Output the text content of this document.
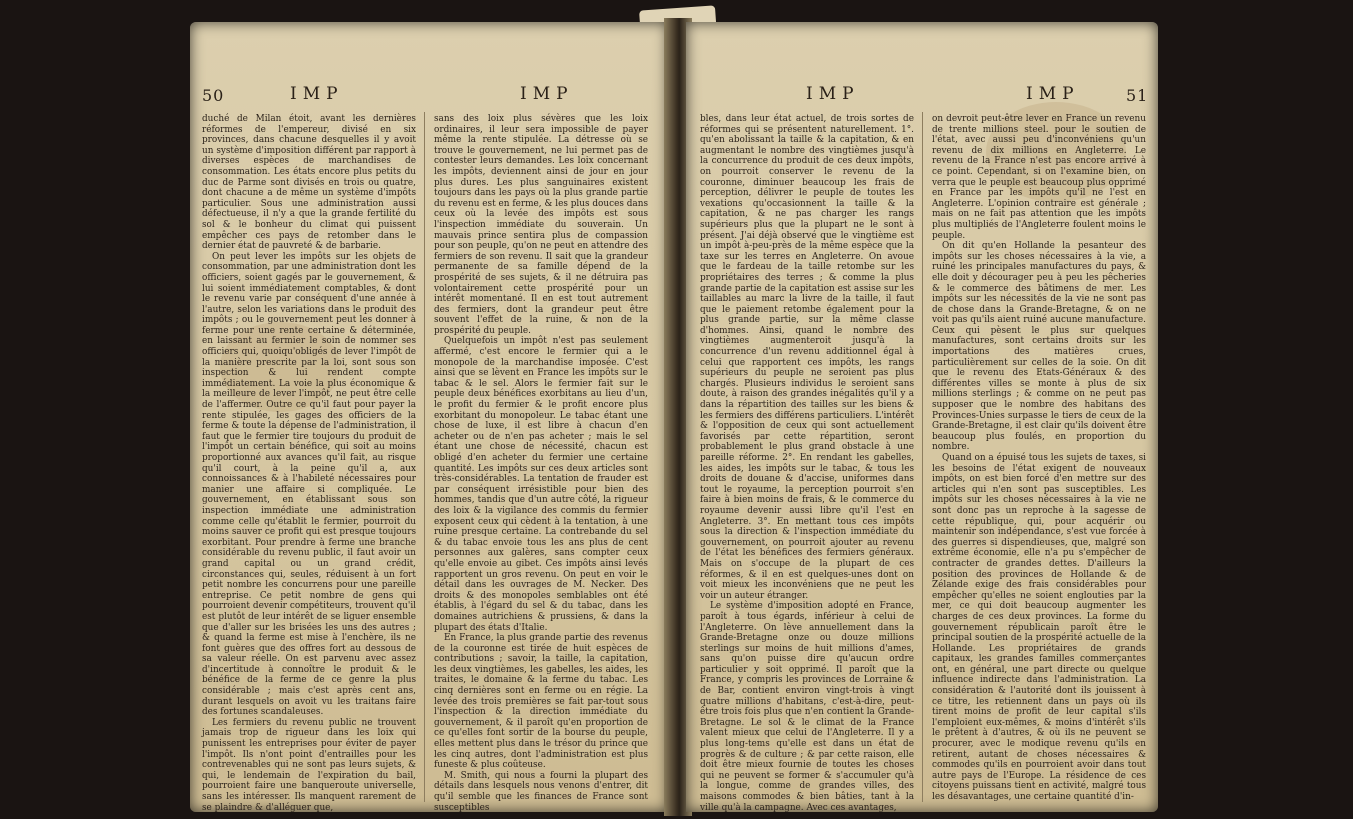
50	IMP	IMP

duché de Milan étoit, avant les dernières réformes de l'empereur, divisé en six provinces, dans chacune desquelles il y avoit un système d'imposition différent par rapport à diverses espèces de marchandises de consommation. Les états encore plus petits du duc de Parme sont divisés en trois ou quatre, dont chacune a de même un système d'impôts particulier. Sous une administration aussi défectueuse, il n'y a que la grande fertilité du sol & le bonheur du climat qui puissent empêcher ces pays de retomber dans le dernier état de pauvreté & de barbarie.

On peut lever les impôts sur les objets de consommation, par une administration dont les officiers, soient gagés par le gouvernement, & lui soient immédiatement comptables, & dont le revenu varie par conséquent d'une année à l'autre, selon les variations dans le produit des impôts ; ou le gouvernement peut les donner à ferme pour une rente certaine & déterminée, en laissant au fermier le soin de nommer ses officiers qui, quoiqu'obligés de lever l'impôt de la manière prescrite par la loi, sont sous son inspection & lui rendent compte immédiatement. La voie la plus économique & la meilleure de lever l'impôt, ne peut être celle de l'affermer. Outre ce qu'il faut pour payer la rente stipulée, les gages des officiers de la ferme & toute la dépense de l'administration, il faut que le fermier tire toujours du produit de l'impôt un certain bénéfice, qui soit au moins proportionné aux avances qu'il fait, au risque qu'il court, à la peine qu'il a, aux connoissances & à l'habileté nécessaires pour manier une affaire si compliquée. Le gouvernement, en établissant sous son inspection immédiate une administration comme celle qu'établit le fermier, pourroit du moins sauver ce profit qui est presque toujours exorbitant. Pour prendre à ferme une branche considérable du revenu public, il faut avoir un grand capital ou un grand crédit, circonstances qui, seules, réduisent à un fort petit nombre les concurrens pour une pareille entreprise. Ce petit nombre de gens qui pourroient devenir compétiteurs, trouvent qu'il est plutôt de leur intérêt de se liguer ensemble que d'aller sur les brisées les uns des autres ; & quand la ferme est mise à l'enchère, ils ne font guères que des offres fort au dessous de sa valeur réelle. On est parvenu avec assez d'incertitude à connoître le produit & le bénéfice de la ferme de ce genre la plus considérable ; mais c'est après cent ans, durant lesquels on avoit vu les traitans faire des fortunes scandaleuses.

Les fermiers du revenu public ne trouvent jamais trop de rigueur dans les loix qui punissent les entreprises pour éviter de payer l'impôt. Ils n'ont point d'entrailles pour les contrevenables qui ne sont pas leurs sujets, & qui, le lendemain de l'expiration du bail, pourroient faire une banqueroute universelle, sans les intéresser. Ils manquent rarement de se plaindre & d'alléguer que,

sans des loix plus sévères que les loix ordinaires, il leur sera impossible de payer même la rente stipulée. La détresse où se trouve le gouvernement, ne lui permet pas de contester leurs demandes. Les loix concernant les impôts, deviennent ainsi de jour en jour plus dures. Les plus sanguinaires existent toujours dans les pays où la plus grande partie du revenu est en ferme, & les plus douces dans ceux où la levée des impôts est sous l'inspection immédiate du souverain. Un mauvais prince sentira plus de compassion pour son peuple, qu'on ne peut en attendre des fermiers de son revenu. Il sait que la grandeur permanente de sa famille dépend de la prospérité de ses sujets, & il ne détruira pas volontairement cette prospérité pour un intérêt momentané. Il en est tout autrement des fermiers, dont la grandeur peut être souvent l'effet de la ruine, & non de la prospérité du peuple.

Quelquefois un impôt n'est pas seulement affermé, c'est encore le fermier qui a le monopole de la marchandise imposée. C'est ainsi que se lèvent en France les impôts sur le tabac & le sel. Alors le fermier fait sur le peuple deux bénéfices exorbitans au lieu d'un, le profit du fermier & le profit encore plus exorbitant du monopoleur. Le tabac étant une chose de luxe, il est libre à chacun d'en acheter ou de n'en pas acheter ; mais le sel étant une chose de nécessité, chacun est obligé d'en acheter du fermier une certaine quantité. Les impôts sur ces deux articles sont très-considérables. La tentation de frauder est par conséquent irrésistible pour bien des hommes, tandis que d'un autre côté, la rigueur des loix & la vigilance des commis du fermier exposent ceux qui cèdent à la tentation, à une ruine presque certaine. La contrebande du sel & du tabac envoie tous les ans plus de cent personnes aux galères, sans compter ceux qu'elle envoie au gibet. Ces impôts ainsi levés rapportent un gros revenu. On peut en voir le détail dans les ouvrages de M. Necker. Des droits & des monopoles semblables ont été établis, à l'égard du sel & du tabac, dans les domaines autrichiens & prussiens, & dans la plupart des états d'Italie.

En France, la plus grande partie des revenus de la couronne est tirée de huit espèces de contributions ; savoir, la taille, la capitation, les deux vingtièmes, les gabelles, les aides, les traites, le domaine & la ferme du tabac. Les cinq dernières sont en ferme ou en régie. La levée des trois premières se fait par-tout sous l'inspection & la direction immédiate du gouvernement, & il paroît qu'en proportion de ce qu'elles font sortir de la bourse du peuple, elles mettent plus dans le trésor du prince que les cinq autres, dont l'administration est plus funeste & plus coûteuse.

M. Smith, qui nous a fourni la plupart des détails dans lesquels nous venons d'entrer, dit qu'il semble que les finances de France sont susceptibles

IMP	IMP	51

bles, dans leur état actuel, de trois sortes de réformes qui se présentent naturellement. 1°. qu'en abolissant la taille & la capitation, & en augmentant le nombre des vingtièmes jusqu'à la concurrence du produit de ces deux impôts, on pourroit conserver le revenu de la couronne, diminuer beaucoup les frais de perception, délivrer le peuple de toutes les vexations qu'occasionnent la taille & la capitation, & ne pas charger les rangs supérieurs plus que la plupart ne le sont à présent. J'ai déjà observé que le vingtième est un impôt à-peu-près de la même espèce que la taxe sur les terres en Angleterre. On avoue que le fardeau de la taille retombe sur les propriétaires des terres ; & comme la plus grande partie de la capitation est assise sur les taillables au marc la livre de la taille, il faut que le paiement retombe également pour la plus grande partie, sur la même classe d'hommes. Ainsi, quand le nombre des vingtièmes augmenteroit jusqu'à la concurrence d'un revenu additionnel égal à celui que rapportent ces impôts, les rangs supérieurs du peuple ne seroient pas plus chargés. Plusieurs individus le seroient sans doute, à raison des grandes inégalités qu'il y a dans la répartition des tailles sur les biens & les fermiers des différens particuliers. L'intérêt & l'opposition de ceux qui sont actuellement favorisés par cette répartition, seront probablement le plus grand obstacle à une pareille réforme. 2°. En rendant les gabelles, les aides, les impôts sur le tabac, & tous les droits de douane & d'accise, uniformes dans tout le royaume, la perception pourroit s'en faire à bien moins de frais, & le commerce du royaume devenir aussi libre qu'il l'est en Angleterre. 3°. En mettant tous ces impôts sous la direction & l'inspection immédiate du gouvernement, on pourroit ajouter au revenu de l'état les bénéfices des fermiers généraux. Mais on s'occupe de la plupart de ces réformes, & il en est quelques-unes dont on voit mieux les inconvéniens que ne peut les voir un auteur étranger.

Le système d'imposition adopté en France, paroît à tous égards, inférieur à celui de l'Angleterre. On lève annuellement dans la Grande-Bretagne onze ou douze millions sterlings sur moins de huit millions d'ames, sans qu'on puisse dire qu'aucun ordre particulier y soit opprimé. Il paroît que la France, y compris les provinces de Lorraine & de Bar, contient environ vingt-trois à vingt quatre millions d'habitans, c'est-à-dire, peut-être trois fois plus que n'en contient la Grande-Bretagne. Le sol & le climat de la France valent mieux que celui de l'Angleterre. Il y a plus long-tems qu'elle est dans un état de progrès & de culture ; & par cette raison, elle doit être mieux fournie de toutes les choses qui ne peuvent se former & s'accumuler qu'à la longue, comme de grandes villes, des maisons commodes & bien bâties, tant à la ville qu'à la campagne. Avec ces avantages,

on devroit peut-être lever en France un revenu de trente millions steel. pour le soutien de l'état, avec aussi peu d'inconvéniens qu'un revenu de dix millions en Angleterre. Le revenu de la France n'est pas encore arrivé à ce point. Cependant, si on l'examine bien, on verra que le peuple est beaucoup plus opprimé en France par les impôts qu'il ne l'est en Angleterre. L'opinion contraire est générale ; mais on ne fait pas attention que les impôts plus multipliés de l'Angleterre foulent moins le peuple.

On dit qu'en Hollande la pesanteur des impôts sur les choses nécessaires à la vie, a ruiné les principales manufactures du pays, & elle doit y décourager peu à peu les pêcheries & le commerce des bâtimens de mer. Les impôts sur les nécessités de la vie ne sont pas de chose dans la Grande-Bretagne, & on ne voit pas qu'ils aient ruiné aucune manufacture. Ceux qui pèsent le plus sur quelques manufactures, sont certains droits sur les importations des matières crues, particulièrement sur celles de la soie. On dit que le revenu des Etats-Généraux & des différentes villes se monte à plus de six millions sterlings ; & comme on ne peut pas supposer que le nombre des habitans des Provinces-Unies surpasse le tiers de ceux de la Grande-Bretagne, il est clair qu'ils doivent être beaucoup plus foulés, en proportion du nombre.

Quand on a épuisé tous les sujets de taxes, si les besoins de l'état exigent de nouveaux impôts, on est bien forcé d'en mettre sur des articles qui n'en sont pas susceptibles. Les impôts sur les choses nécessaires à la vie ne sont donc pas un reproche à la sagesse de cette république, qui, pour acquérir ou maintenir son indépendance, s'est vue forcée à des guerres si dispendieuses, que, malgré son extrême économie, elle n'a pu s'empêcher de contracter de grandes dettes. D'ailleurs la position des provinces de Hollande & de Zélande exige des frais considérables pour empêcher qu'elles ne soient englouties par la mer, ce qui doit beaucoup augmenter les charges de ces deux provinces. La forme du gouvernement républicain paroît être le principal soutien de la prospérité actuelle de la Hollande. Les propriétaires de grands capitaux, les grandes familles commerçantes ont, en général, une part directe ou quelque influence indirecte dans l'administration. La considération & l'autorité dont ils jouissent à ce titre, les retiennent dans un pays où ils tirent moins de profit de leur capital s'ils l'emploient eux-mêmes, & moins d'intérêt s'ils le prêtent à d'autres, & où ils ne peuvent se procurer, avec le modique revenu qu'ils en retirent, autant de choses nécessaires & commodes qu'ils en pourroient avoir dans tout autre pays de l'Europe. La résidence de ces citoyens puissans tient en activité, malgré tous les désavantages, une certaine quantité d'in-
